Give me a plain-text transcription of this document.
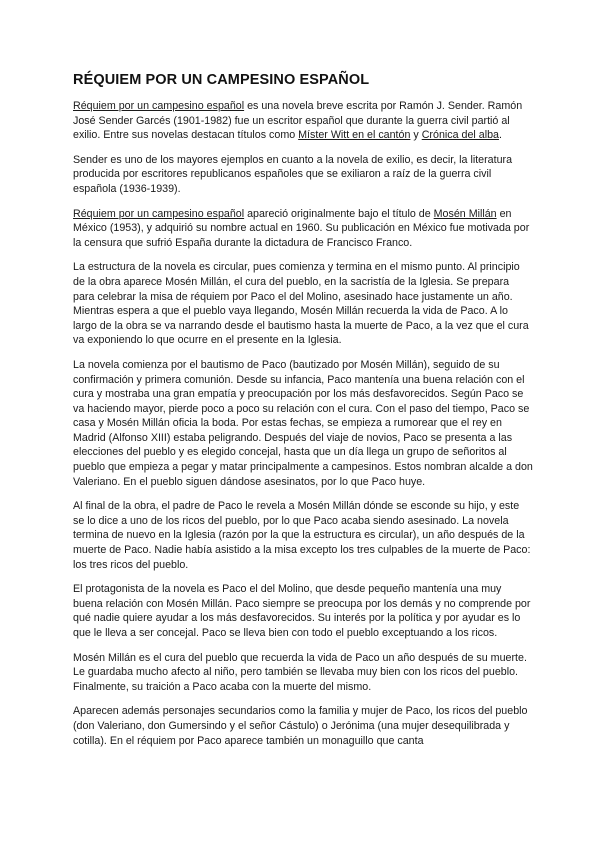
RÉQUIEM POR UN CAMPESINO ESPAÑOL

Réquiem por un campesino español es una novela breve escrita por Ramón J. Sender. Ramón José Sender Garcés (1901-1982) fue un escritor español que durante la guerra civil partió al exilio. Entre sus novelas destacan títulos como Míster Witt en el cantón y Crónica del alba.

Sender es uno de los mayores ejemplos en cuanto a la novela de exilio, es decir, la literatura producida por escritores republicanos españoles que se exiliaron a raíz de la guerra civil española (1936-1939).

Réquiem por un campesino español apareció originalmente bajo el título de Mosén Millán en México (1953), y adquirió su nombre actual en 1960. Su publicación en México fue motivada por la censura que sufrió España durante la dictadura de Francisco Franco.

La estructura de la novela es circular, pues comienza y termina en el mismo punto. Al principio de la obra aparece Mosén Millán, el cura del pueblo, en la sacristía de la Iglesia. Se prepara para celebrar la misa de réquiem por Paco el del Molino, asesinado hace justamente un año. Mientras espera a que el pueblo vaya llegando, Mosén Millán recuerda la vida de Paco. A lo largo de la obra se va narrando desde el bautismo hasta la muerte de Paco, a la vez que el cura va exponiendo lo que ocurre en el presente en la Iglesia.

La novela comienza por el bautismo de Paco (bautizado por Mosén Millán), seguido de su confirmación y primera comunión. Desde su infancia, Paco mantenía una buena relación con el cura y mostraba una gran empatía y preocupación por los más desfavorecidos. Según Paco se va haciendo mayor, pierde poco a poco su relación con el cura. Con el paso del tiempo, Paco se casa y Mosén Millán oficia la boda. Por estas fechas, se empieza a rumorear que el rey en Madrid (Alfonso XIII) estaba peligrando. Después del viaje de novios, Paco se presenta a las elecciones del pueblo y es elegido concejal, hasta que un día llega un grupo de señoritos al pueblo que empieza a pegar y matar principalmente a campesinos. Estos nombran alcalde a don Valeriano. En el pueblo siguen dándose asesinatos, por lo que Paco huye.

Al final de la obra, el padre de Paco le revela a Mosén Millán dónde se esconde su hijo, y este se lo dice a uno de los ricos del pueblo, por lo que Paco acaba siendo asesinado. La novela termina de nuevo en la Iglesia (razón por la que la estructura es circular), un año después de la muerte de Paco. Nadie había asistido a la misa excepto los tres culpables de la muerte de Paco: los tres ricos del pueblo.

El protagonista de la novela es Paco el del Molino, que desde pequeño mantenía una muy buena relación con Mosén Millán. Paco siempre se preocupa por los demás y no comprende por qué nadie quiere ayudar a los más desfavorecidos. Su interés por la política y por ayudar es lo que le lleva a ser concejal. Paco se lleva bien con todo el pueblo exceptuando a los ricos.

Mosén Millán es el cura del pueblo que recuerda la vida de Paco un año después de su muerte. Le guardaba mucho afecto al niño, pero también se llevaba muy bien con los ricos del pueblo. Finalmente, su traición a Paco acaba con la muerte del mismo.

Aparecen además personajes secundarios como la familia y mujer de Paco, los ricos del pueblo (don Valeriano, don Gumersindo y el señor Cástulo) o Jerónima (una mujer desequilibrada y cotilla). En el réquiem por Paco aparece también un monaguillo que canta
